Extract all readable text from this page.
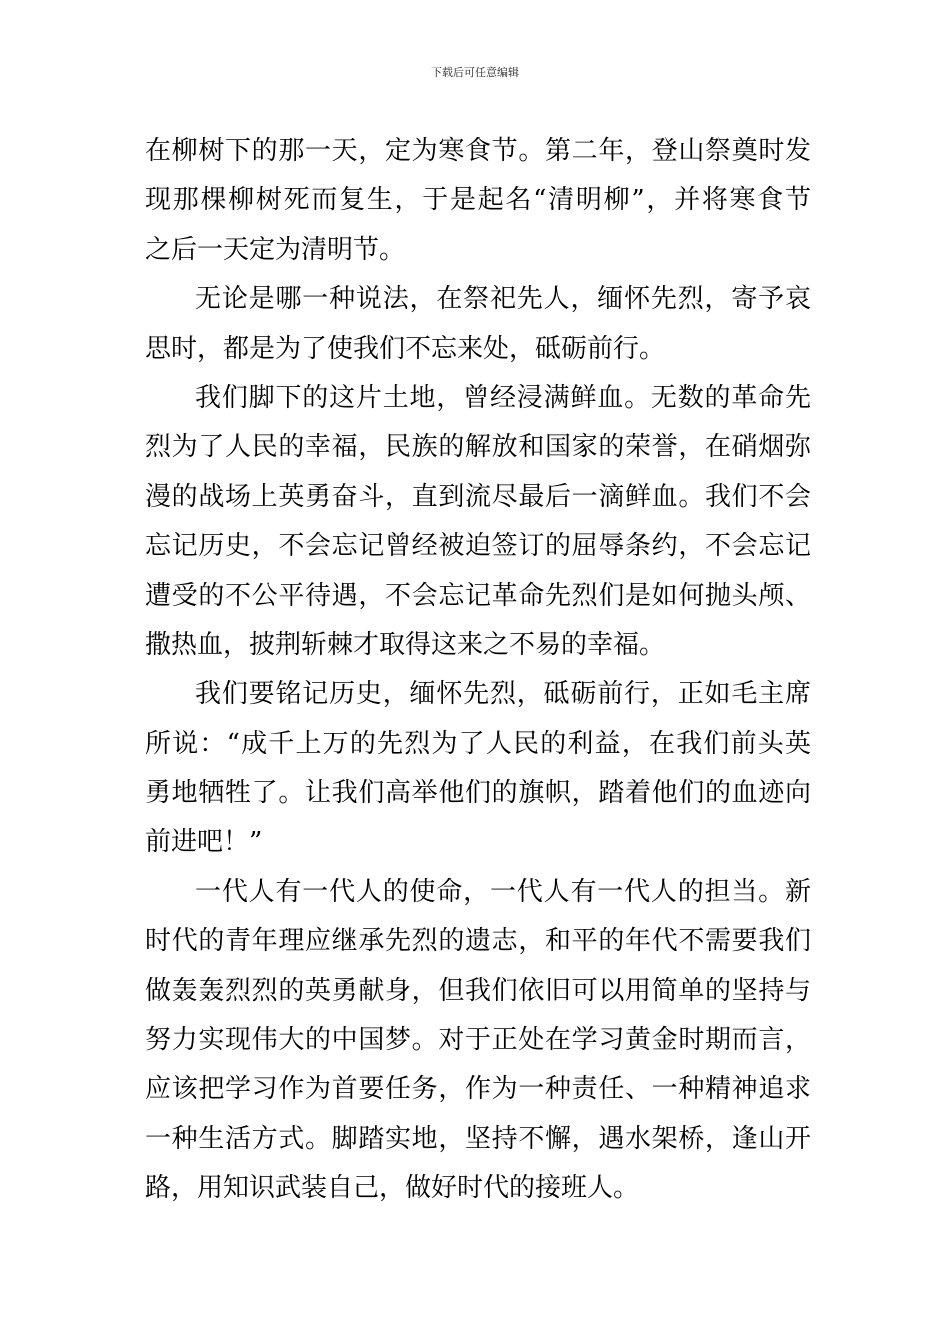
下载后可任意编辑
在柳树下的那一天，定为寒食节。第二年，登山祭奠时发
现那棵柳树死而复生，于是起名“清明柳”，并将寒食节
之后一天定为清明节。
无论是哪一种说法，在祭祀先人，缅怀先烈，寄予哀
思时，都是为了使我们不忘来处，砥砺前行。
我们脚下的这片土地，曾经浸满鲜血。无数的革命先
烈为了人民的幸福，民族的解放和国家的荣誉，在硝烟弥
漫的战场上英勇奋斗，直到流尽最后一滴鲜血。我们不会
忘记历史，不会忘记曾经被迫签订的屈辱条约，不会忘记
遭受的不公平待遇，不会忘记革命先烈们是如何抛头颅、
撒热血，披荆斩棘才取得这来之不易的幸福。
我们要铭记历史，缅怀先烈，砥砺前行，正如毛主席
所说：“成千上万的先烈为了人民的利益，在我们前头英
勇地牺牲了。让我们高举他们的旗帜，踏着他们的血迹向
前进吧！”
一代人有一代人的使命，一代人有一代人的担当。新
时代的青年理应继承先烈的遗志，和平的年代不需要我们
做轰轰烈烈的英勇献身，但我们依旧可以用简单的坚持与
努力实现伟大的中国梦。对于正处在学习黄金时期而言，
应该把学习作为首要任务，作为一种责任、一种精神追求
一种生活方式。脚踏实地，坚持不懈，遇水架桥，逢山开
路，用知识武装自己，做好时代的接班人。
